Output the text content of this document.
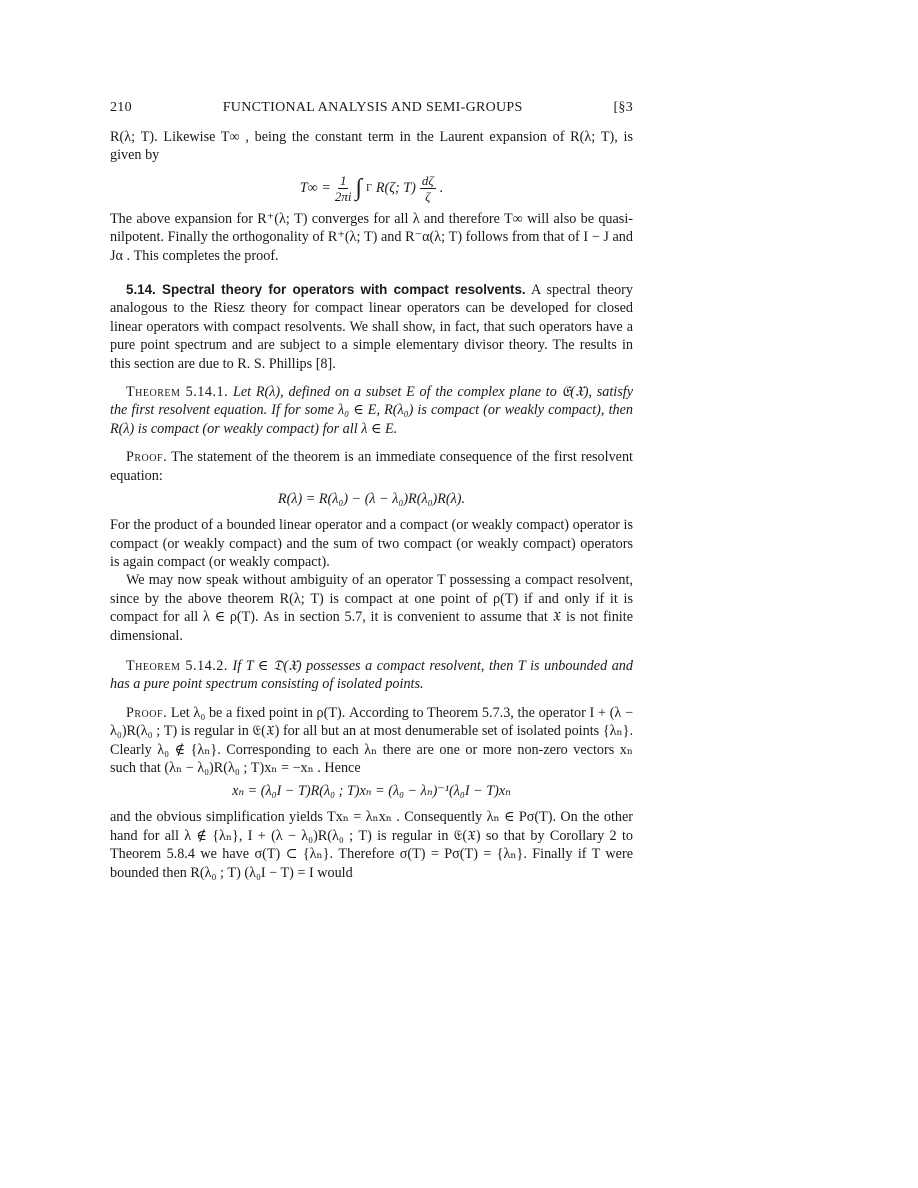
210	FUNCTIONAL ANALYSIS AND SEMI-GROUPS	[§3

R(λ; T). Likewise T∞ , being the constant term in the Laurent expansion of R(λ; T), is given by

$T\infty = \frac{1}{2\pi i}$ ∫ Γ R(ζ; $T) \frac{d\zeta}{\zeta}$ .

The above expansion for R⁺(λ; T) converges for all λ and therefore T∞ will also be quasi-nilpotent. Finally the orthogonality of R⁺(λ; T) and R⁻α(λ; T) follows from that of I − J and Jα . This completes the proof.

5.14. Spectral theory for operators with compact resolvents. A spectral theory analogous to the Riesz theory for compact linear operators can be developed for closed linear operators with compact resolvents. We shall show, in fact, that such operators have a pure point spectrum and are subject to a simple elementary divisor theory. The results in this section are due to R. S. Phillips [8].

Theorem 5.14.1. Let R(λ), defined on a subset E of the complex plane to 𝔈(𝔛), satisfy the first resolvent equation. If for some λ₀ ∈ E, R(λ₀) is compact (or weakly compact), then R(λ) is compact (or weakly compact) for all λ ∈ E.

Proof. The statement of the theorem is an immediate consequence of the first resolvent equation:

R(λ) = R(λ₀) − (λ − λ₀)R(λ₀)R(λ).

For the product of a bounded linear operator and a compact (or weakly compact) operator is compact (or weakly compact) and the sum of two compact (or weakly compact) operators is again compact (or weakly compact).

We may now speak without ambiguity of an operator T possessing a compact resolvent, since by the above theorem R(λ; T) is compact at one point of ρ(T) if and only if it is compact for all λ ∈ ρ(T). As in section 5.7, it is convenient to assume that 𝔛 is not finite dimensional.

Theorem 5.14.2. If T ∈ 𝔇(𝔛) possesses a compact resolvent, then T is unbounded and has a pure point spectrum consisting of isolated points.

Proof. Let λ₀ be a fixed point in ρ(T). According to Theorem 5.7.3, the operator I + (λ − λ₀)R(λ₀ ; T) is regular in 𝔈(𝔛) for all but an at most denumerable set of isolated points {λₙ}. Clearly λ₀ ∉ {λₙ}. Corresponding to each λₙ there are one or more non-zero vectors xₙ such that (λₙ − λ₀)R(λ₀ ; T)xₙ = −xₙ . Hence

xₙ = (λ₀I − T)R(λ₀ ; T)xₙ = (λ₀ − λₙ)⁻¹(λ₀I − T)xₙ

and the obvious simplification yields Txₙ = λₙxₙ . Consequently λₙ ∈ Pσ(T). On the other hand for all λ ∉ {λₙ}, I + (λ − λ₀)R(λ₀ ; T) is regular in 𝔈(𝔛) so that by Corollary 2 to Theorem 5.8.4 we have σ(T) ⊂ {λₙ}. Therefore σ(T) = Pσ(T) = {λₙ}. Finally if T were bounded then R(λ₀ ; T) (λ₀I − T) = I would
